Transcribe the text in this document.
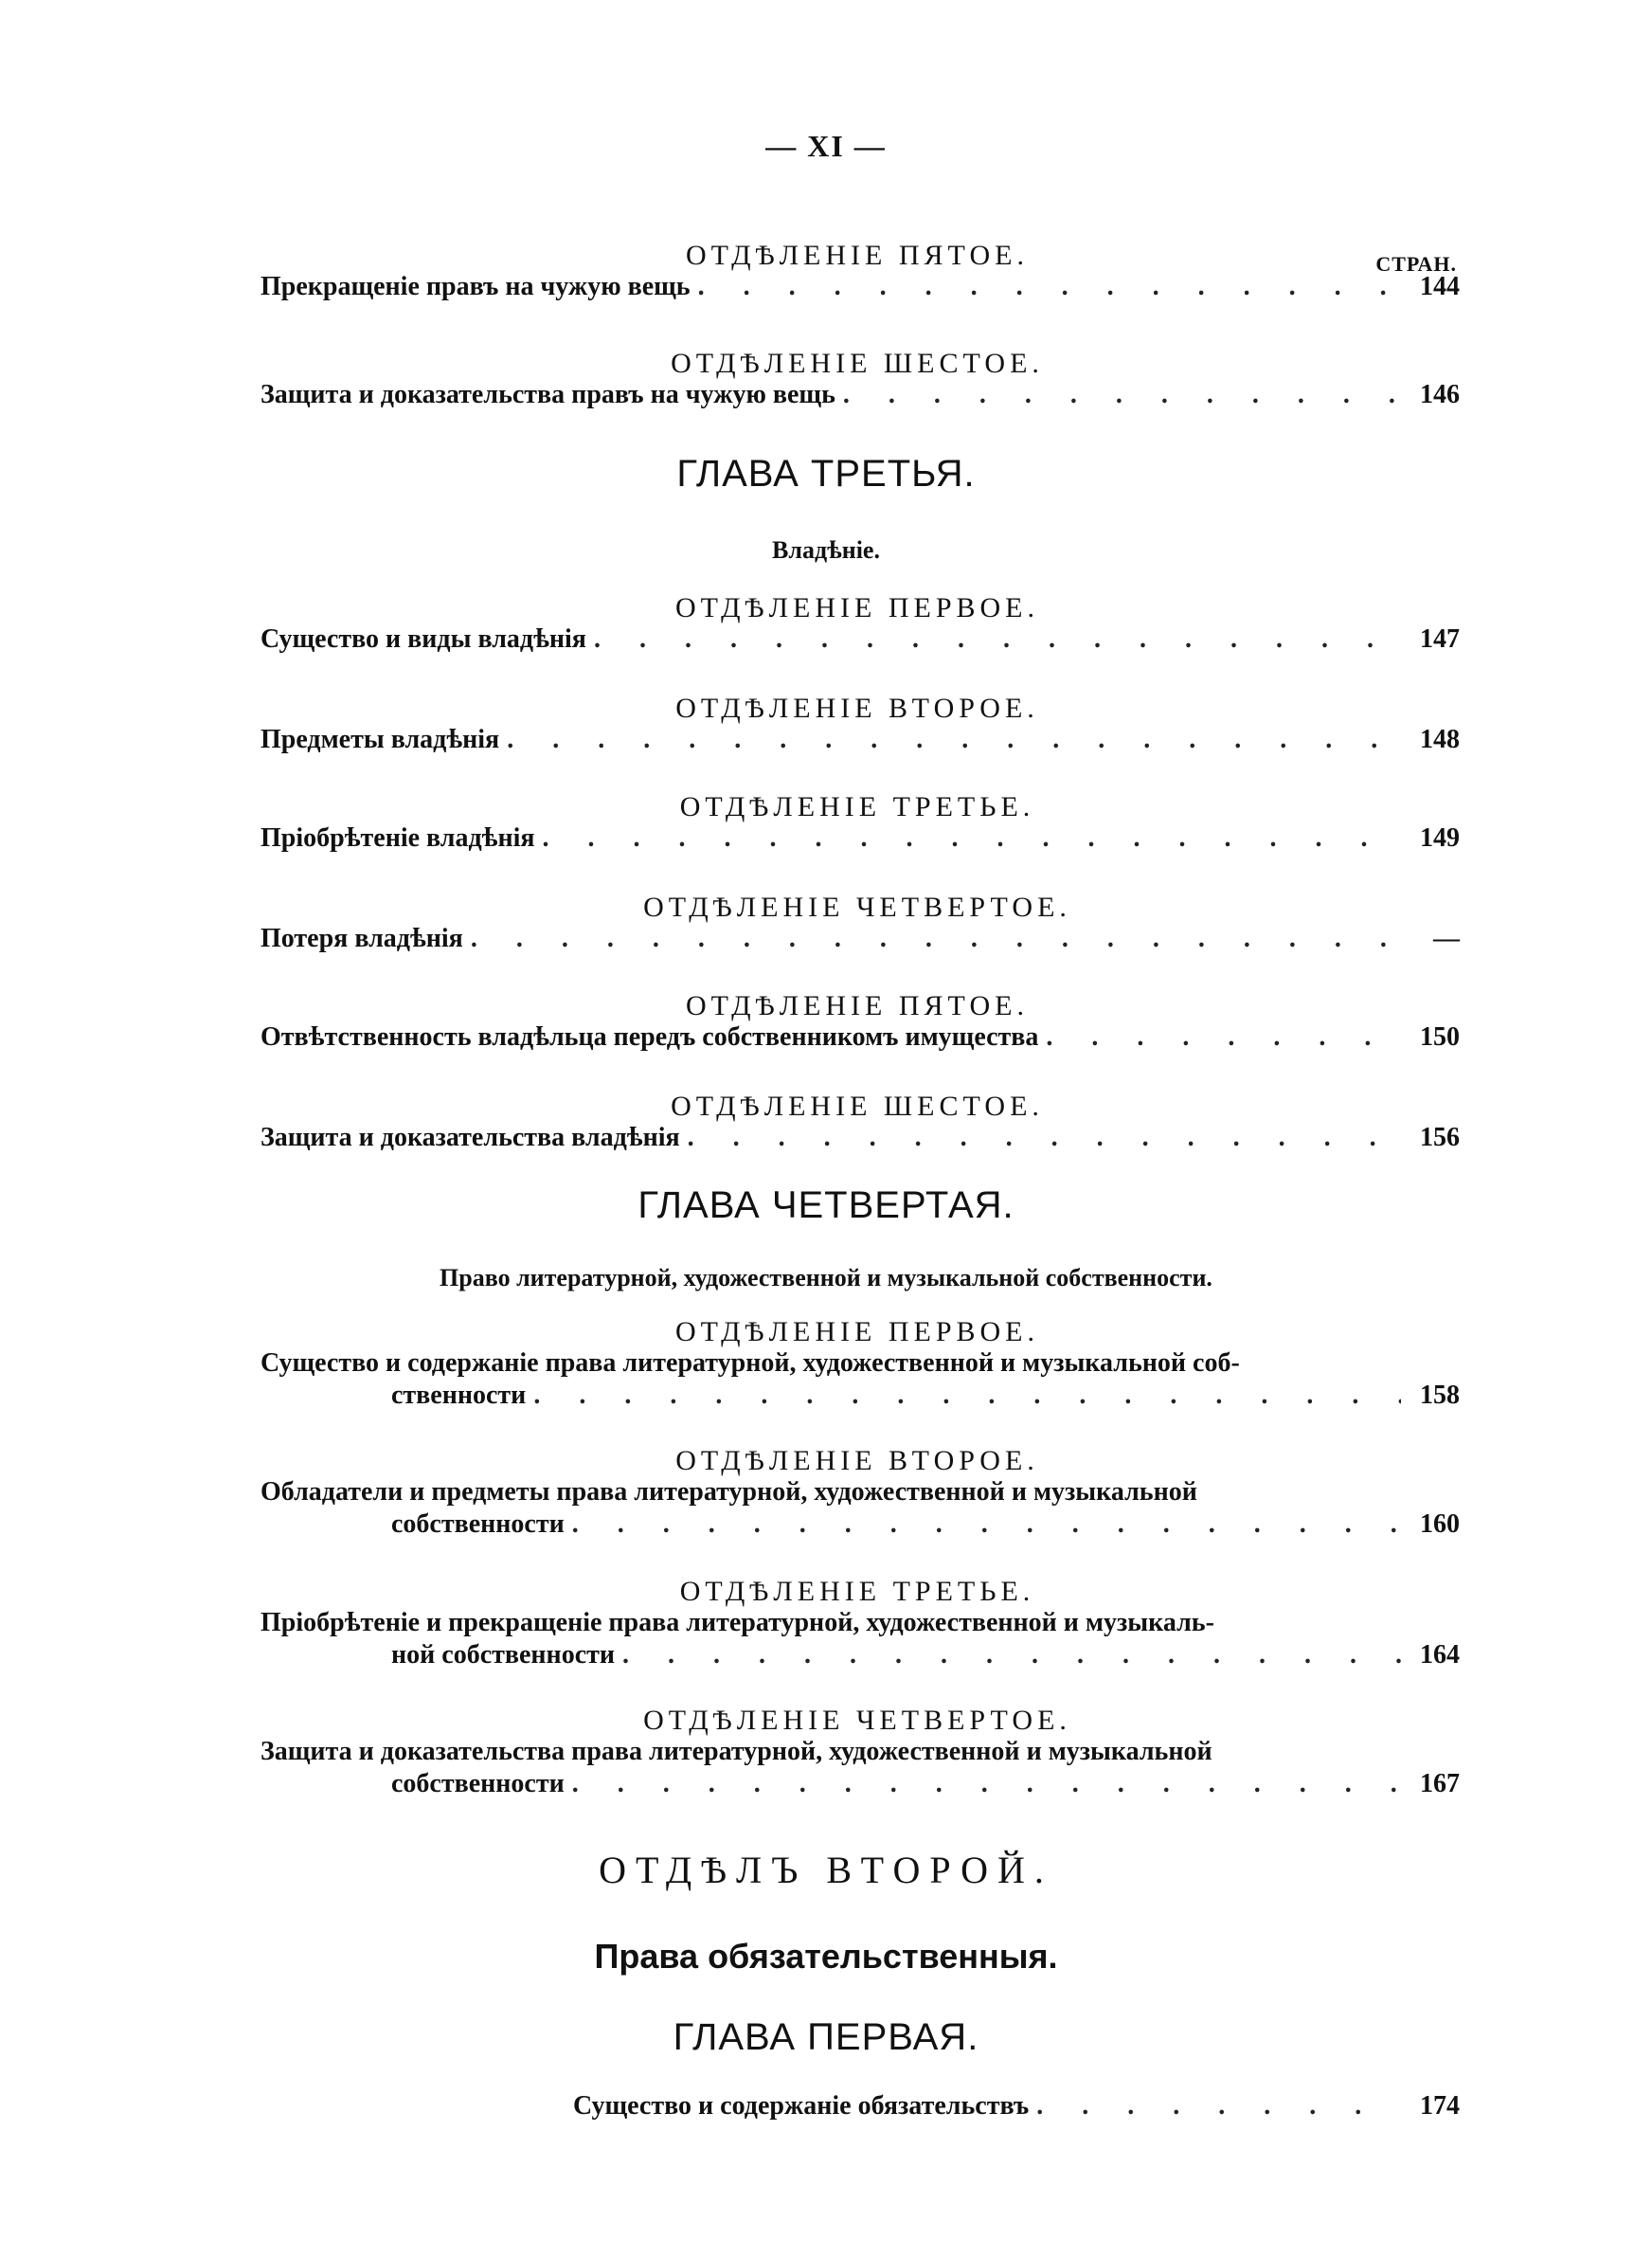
— XI —
ОТДѢЛЕНІЕ ПЯТОЕ.	СТРАН.
Прекращеніе правъ на чужую вещь . . .	144
ОТДѢЛЕНІЕ ШЕСТОЕ.
Защита и доказательства правъ на чужую вещь . . .	146
ГЛАВА ТРЕТЬЯ.
Владѣніе.
ОТДѢЛЕНІЕ ПЕРВОЕ.
Существо и виды владѣнія . . .	147
ОТДѢЛЕНІЕ ВТОРОЕ.
Предметы владѣнія . . .	148
ОТДѢЛЕНІЕ ТРЕТЬЕ.
Пріобрѣтеніе владѣнія . . .	149
ОТДѢЛЕНІЕ ЧЕТВЕРТОЕ.
Потеря владѣнія . . .	—
ОТДѢЛЕНІЕ ПЯТОЕ.
Отвѣтственность владѣльца передъ собственникомъ имущества . . .	150
ОТДѢЛЕНІЕ ШЕСТОЕ.
Защита и доказательства владѣнія . . .	156
ГЛАВА ЧЕТВЕРТАЯ.
Право литературной, художественной и музыкальной собственности.
ОТДѢЛЕНІЕ ПЕРВОЕ.
Существо и содержаніе права литературной, художественной и музыкальной соб-
ственности . . .	158
ОТДѢЛЕНІЕ ВТОРОЕ.
Обладатели и предметы права литературной, художественной и музыкальной
собственности . . .	160
ОТДѢЛЕНІЕ ТРЕТЬЕ.
Пріобрѣтеніе и прекращеніе права литературной, художественной и музыкаль-
ной собственности . . .	164
ОТДѢЛЕНІЕ ЧЕТВЕРТОЕ.
Защита и доказательства права литературной, художественной и музыкальной
собственности . . .	167
ОТДѢЛЪ ВТОРОЙ.
Права обязательственныя.
ГЛАВА ПЕРВАЯ.
Существо и содержаніе обязательствъ . . .	174
